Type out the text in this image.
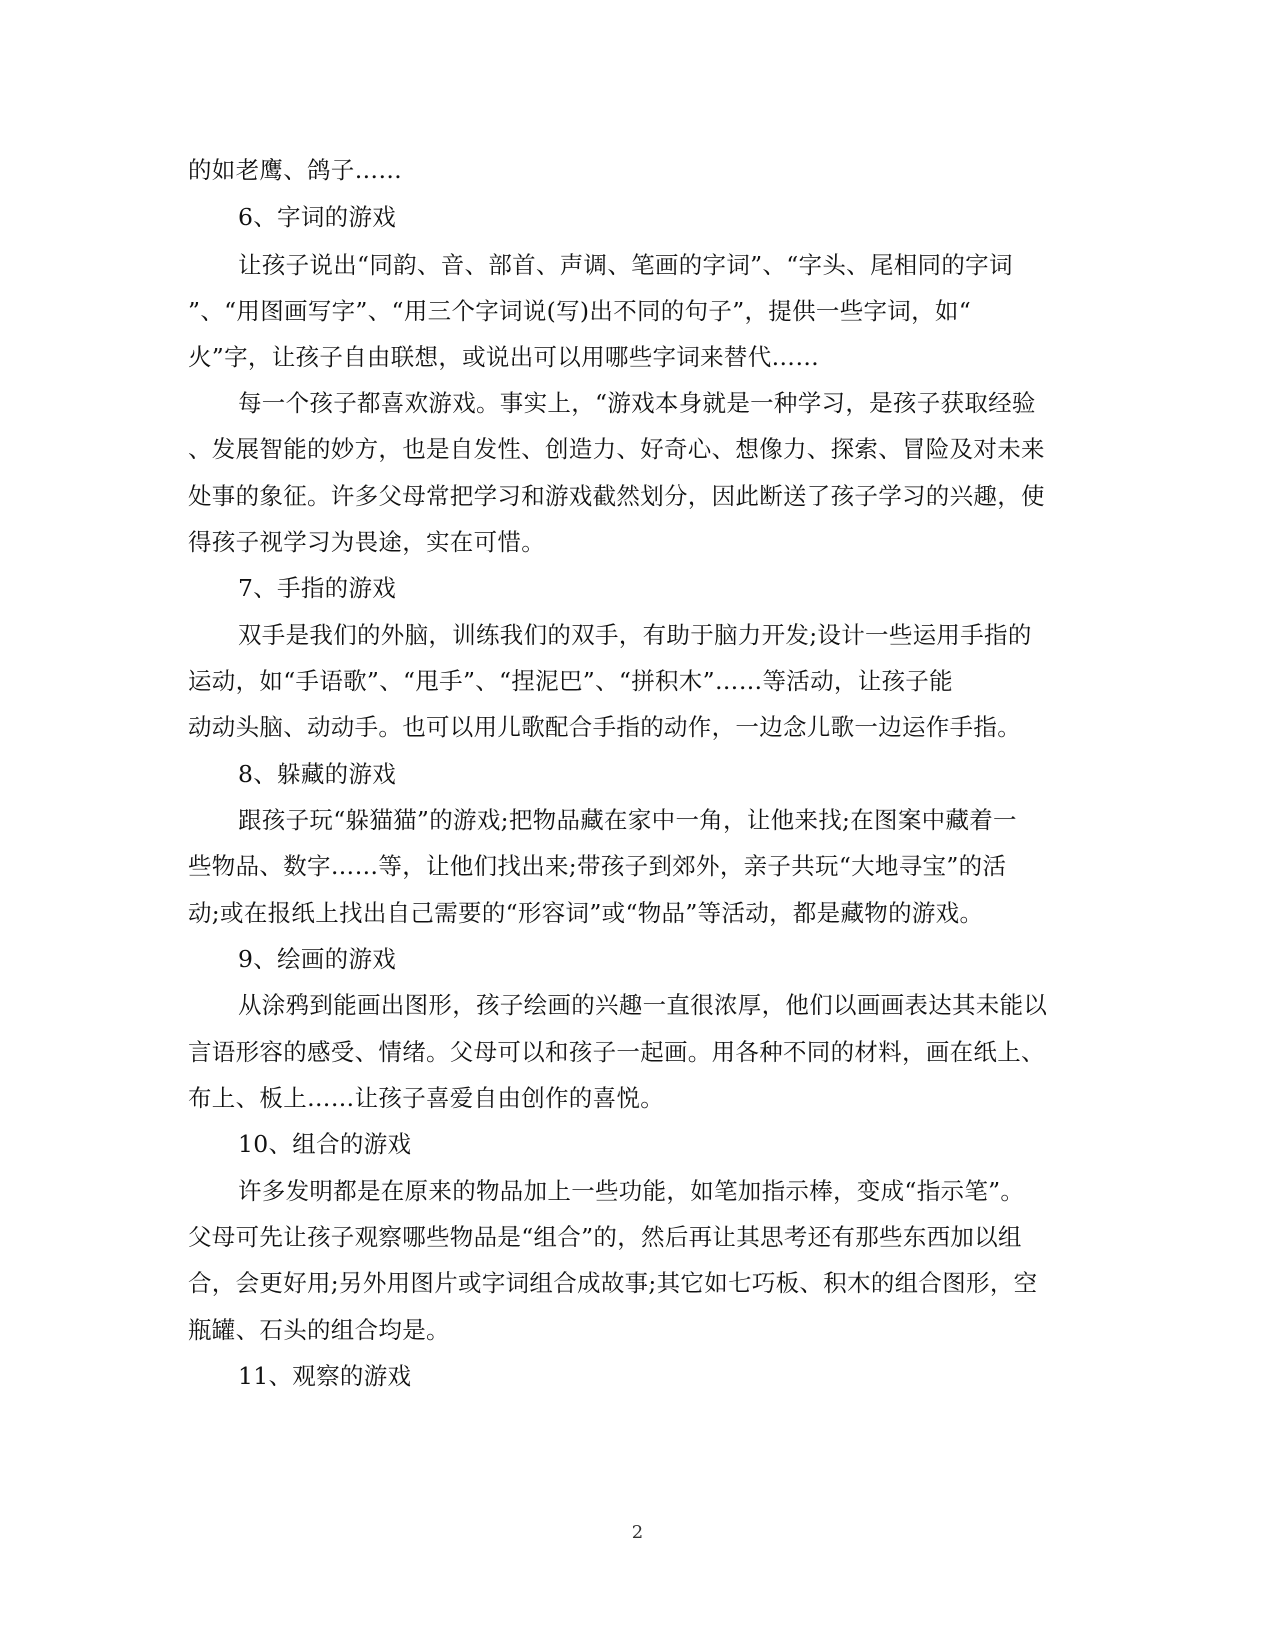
的如老鹰、鸽子……
6、字词的游戏
让孩子说出“同韵、音、部首、声调、笔画的字词”、“字头、尾相同的字词
”、“用图画写字”、“用三个字词说(写)出不同的句子”，提供一些字词，如“
火”字，让孩子自由联想，或说出可以用哪些字词来替代……
每一个孩子都喜欢游戏。事实上，“游戏本身就是一种学习，是孩子获取经验
、发展智能的妙方，也是自发性、创造力、好奇心、想像力、探索、冒险及对未来
处事的象征。许多父母常把学习和游戏截然划分，因此断送了孩子学习的兴趣，使
得孩子视学习为畏途，实在可惜。
7、手指的游戏
双手是我们的外脑，训练我们的双手，有助于脑力开发;设计一些运用手指的
运动，如“手语歌”、“甩手”、“捏泥巴”、“拼积木”……等活动，让孩子能
动动头脑、动动手。也可以用儿歌配合手指的动作，一边念儿歌一边运作手指。
8、躲藏的游戏
跟孩子玩“躲猫猫”的游戏;把物品藏在家中一角，让他来找;在图案中藏着一
些物品、数字……等，让他们找出来;带孩子到郊外，亲子共玩“大地寻宝”的活
动;或在报纸上找出自己需要的“形容词”或“物品”等活动，都是藏物的游戏。
9、绘画的游戏
从涂鸦到能画出图形，孩子绘画的兴趣一直很浓厚，他们以画画表达其未能以
言语形容的感受、情绪。父母可以和孩子一起画。用各种不同的材料，画在纸上、
布上、板上……让孩子喜爱自由创作的喜悦。
10、组合的游戏
许多发明都是在原来的物品加上一些功能，如笔加指示棒，变成“指示笔”。
父母可先让孩子观察哪些物品是“组合”的，然后再让其思考还有那些东西加以组
合，会更好用;另外用图片或字词组合成故事;其它如七巧板、积木的组合图形，空
瓶罐、石头的组合均是。
11、观察的游戏
2
